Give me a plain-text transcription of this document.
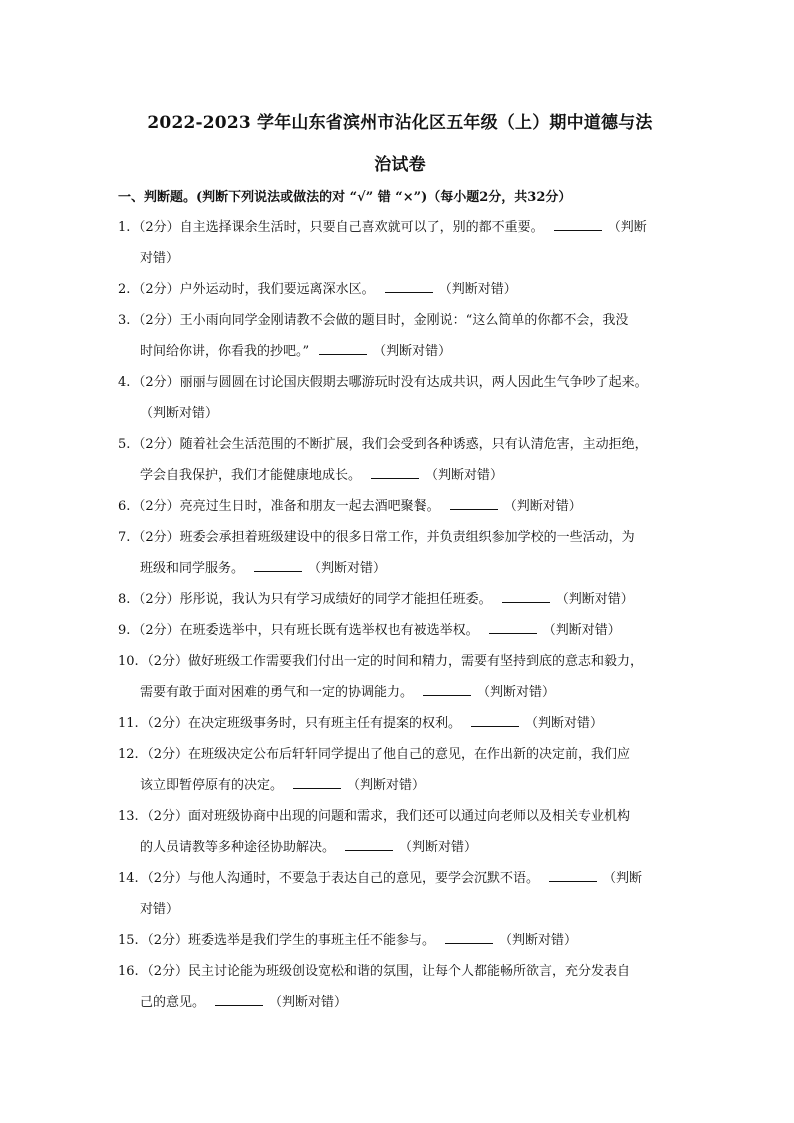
2022-2023 学年山东省滨州市沾化区五年级（上）期中道德与法
治试卷
一、判断题。(判断下列说法或做法的对 “√” 错 “×”)（每小题2分，共32分）
1. （2分）自主选择课余生活时，只要自己喜欢就可以了，别的都不重要。	（判断
对错）
2. （2分）户外运动时，我们要远离深水区。	（判断对错）
3. （2分）王小雨向同学金刚请教不会做的题目时，金刚说：“这么简单的你都不会，我没
时间给你讲，你看我的抄吧。”	（判断对错）
4. （2分）丽丽与圆圆在讨论国庆假期去哪游玩时没有达成共识，两人因此生气争吵了起来。
（判断对错）
5. （2分）随着社会生活范围的不断扩展，我们会受到各种诱惑，只有认清危害，主动拒绝，
学会自我保护，我们才能健康地成长。	（判断对错）
6. （2分）亮亮过生日时，准备和朋友一起去酒吧聚餐。	（判断对错）
7. （2分）班委会承担着班级建设中的很多日常工作，并负责组织参加学校的一些活动，为
班级和同学服务。	（判断对错）
8. （2分）彤彤说，我认为只有学习成绩好的同学才能担任班委。	（判断对错）
9. （2分）在班委选举中，只有班长既有选举权也有被选举权。	（判断对错）
10. （2分）做好班级工作需要我们付出一定的时间和精力，需要有坚持到底的意志和毅力，
需要有敢于面对困难的勇气和一定的协调能力。	（判断对错）
11. （2分）在决定班级事务时，只有班主任有提案的权利。	（判断对错）
12. （2分）在班级决定公布后轩轩同学提出了他自己的意见，在作出新的决定前，我们应
该立即暂停原有的决定。	（判断对错）
13. （2分）面对班级协商中出现的问题和需求，我们还可以通过向老师以及相关专业机构
的人员请教等多种途径协助解决。	（判断对错）
14. （2分）与他人沟通时，不要急于表达自己的意见，要学会沉默不语。	（判断
对错）
15. （2分）班委选举是我们学生的事班主任不能参与。	（判断对错）
16. （2分）民主讨论能为班级创设宽松和谐的氛围，让每个人都能畅所欲言，充分发表自
己的意见。	（判断对错）
